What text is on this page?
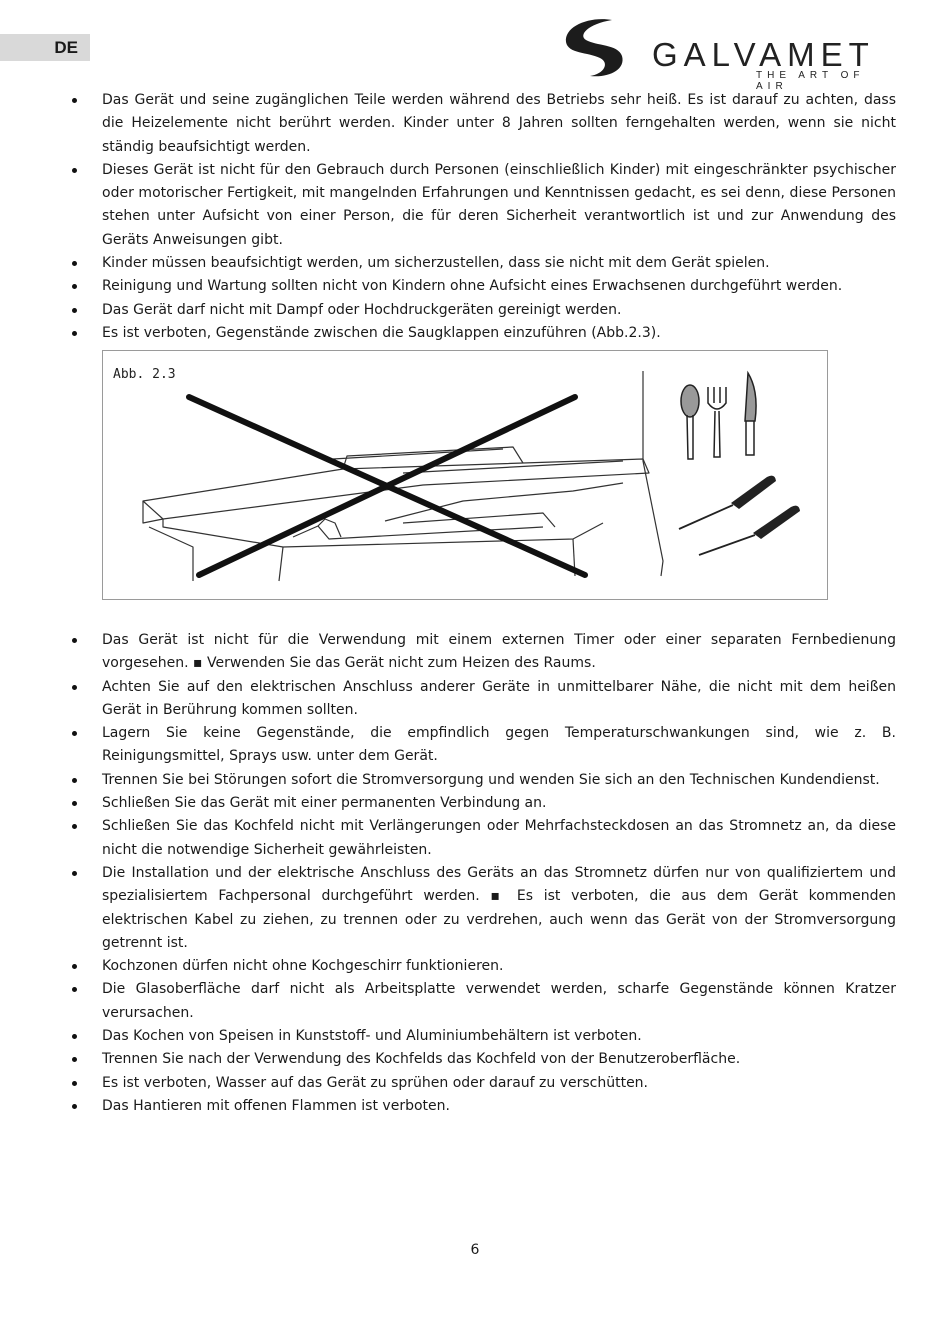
DE	GALVAMET
THE ART OF AIR
Das Gerät und seine zugänglichen Teile werden während des Betriebs sehr heiß. Es ist darauf zu achten, dass die Heizelemente nicht berührt werden. Kinder unter 8 Jahren sollten ferngehalten werden, wenn sie nicht ständig beaufsichtigt werden.
Dieses Gerät ist nicht für den Gebrauch durch Personen (einschließlich Kinder) mit eingeschränkter psychischer oder motorischer Fertigkeit, mit mangelnden Erfahrungen und Kenntnissen gedacht, es sei denn, diese Personen stehen unter Aufsicht von einer Person, die für deren Sicherheit verantwortlich ist und zur Anwendung des Geräts Anweisungen gibt.
Kinder müssen beaufsichtigt werden, um sicherzustellen, dass sie nicht mit dem Gerät spielen.
Reinigung und Wartung sollten nicht von Kindern ohne Aufsicht eines Erwachsenen durchgeführt werden.
Das Gerät darf nicht mit Dampf oder Hochdruckgeräten gereinigt werden.
Es ist verboten, Gegenstände zwischen die Saugklappen einzuführen (Abb.2.3).
Abb. 2.3
Das Gerät ist nicht für die Verwendung mit einem externen Timer oder einer separaten Fernbedienung vorgesehen. ▪ Verwenden Sie das Gerät nicht zum Heizen des Raums.
Achten Sie auf den elektrischen Anschluss anderer Geräte in unmittelbarer Nähe, die nicht mit dem heißen Gerät in Berührung kommen sollten.
Lagern Sie keine Gegenstände, die empfindlich gegen Temperaturschwankungen sind, wie z. B. Reinigungsmittel, Sprays usw. unter dem Gerät.
Trennen Sie bei Störungen sofort die Stromversorgung und wenden Sie sich an den Technischen Kundendienst.
Schließen Sie das Gerät mit einer permanenten Verbindung an.
Schließen Sie das Kochfeld nicht mit Verlängerungen oder Mehrfachsteckdosen an das Stromnetz an, da diese nicht die notwendige Sicherheit gewährleisten.
Die Installation und der elektrische Anschluss des Geräts an das Stromnetz dürfen nur von qualifiziertem und spezialisiertem Fachpersonal durchgeführt werden. ▪ Es ist verboten, die aus dem Gerät kommenden elektrischen Kabel zu ziehen, zu trennen oder zu verdrehen, auch wenn das Gerät von der Stromversorgung getrennt ist.
Kochzonen dürfen nicht ohne Kochgeschirr funktionieren.
Die Glasoberfläche darf nicht als Arbeitsplatte verwendet werden, scharfe Gegenstände können Kratzer verursachen.
Das Kochen von Speisen in Kunststoff- und Aluminiumbehältern ist verboten.
Trennen Sie nach der Verwendung des Kochfelds das Kochfeld von der Benutzeroberfläche.
Es ist verboten, Wasser auf das Gerät zu sprühen oder darauf zu verschütten.
Das Hantieren mit offenen Flammen ist verboten.
6
